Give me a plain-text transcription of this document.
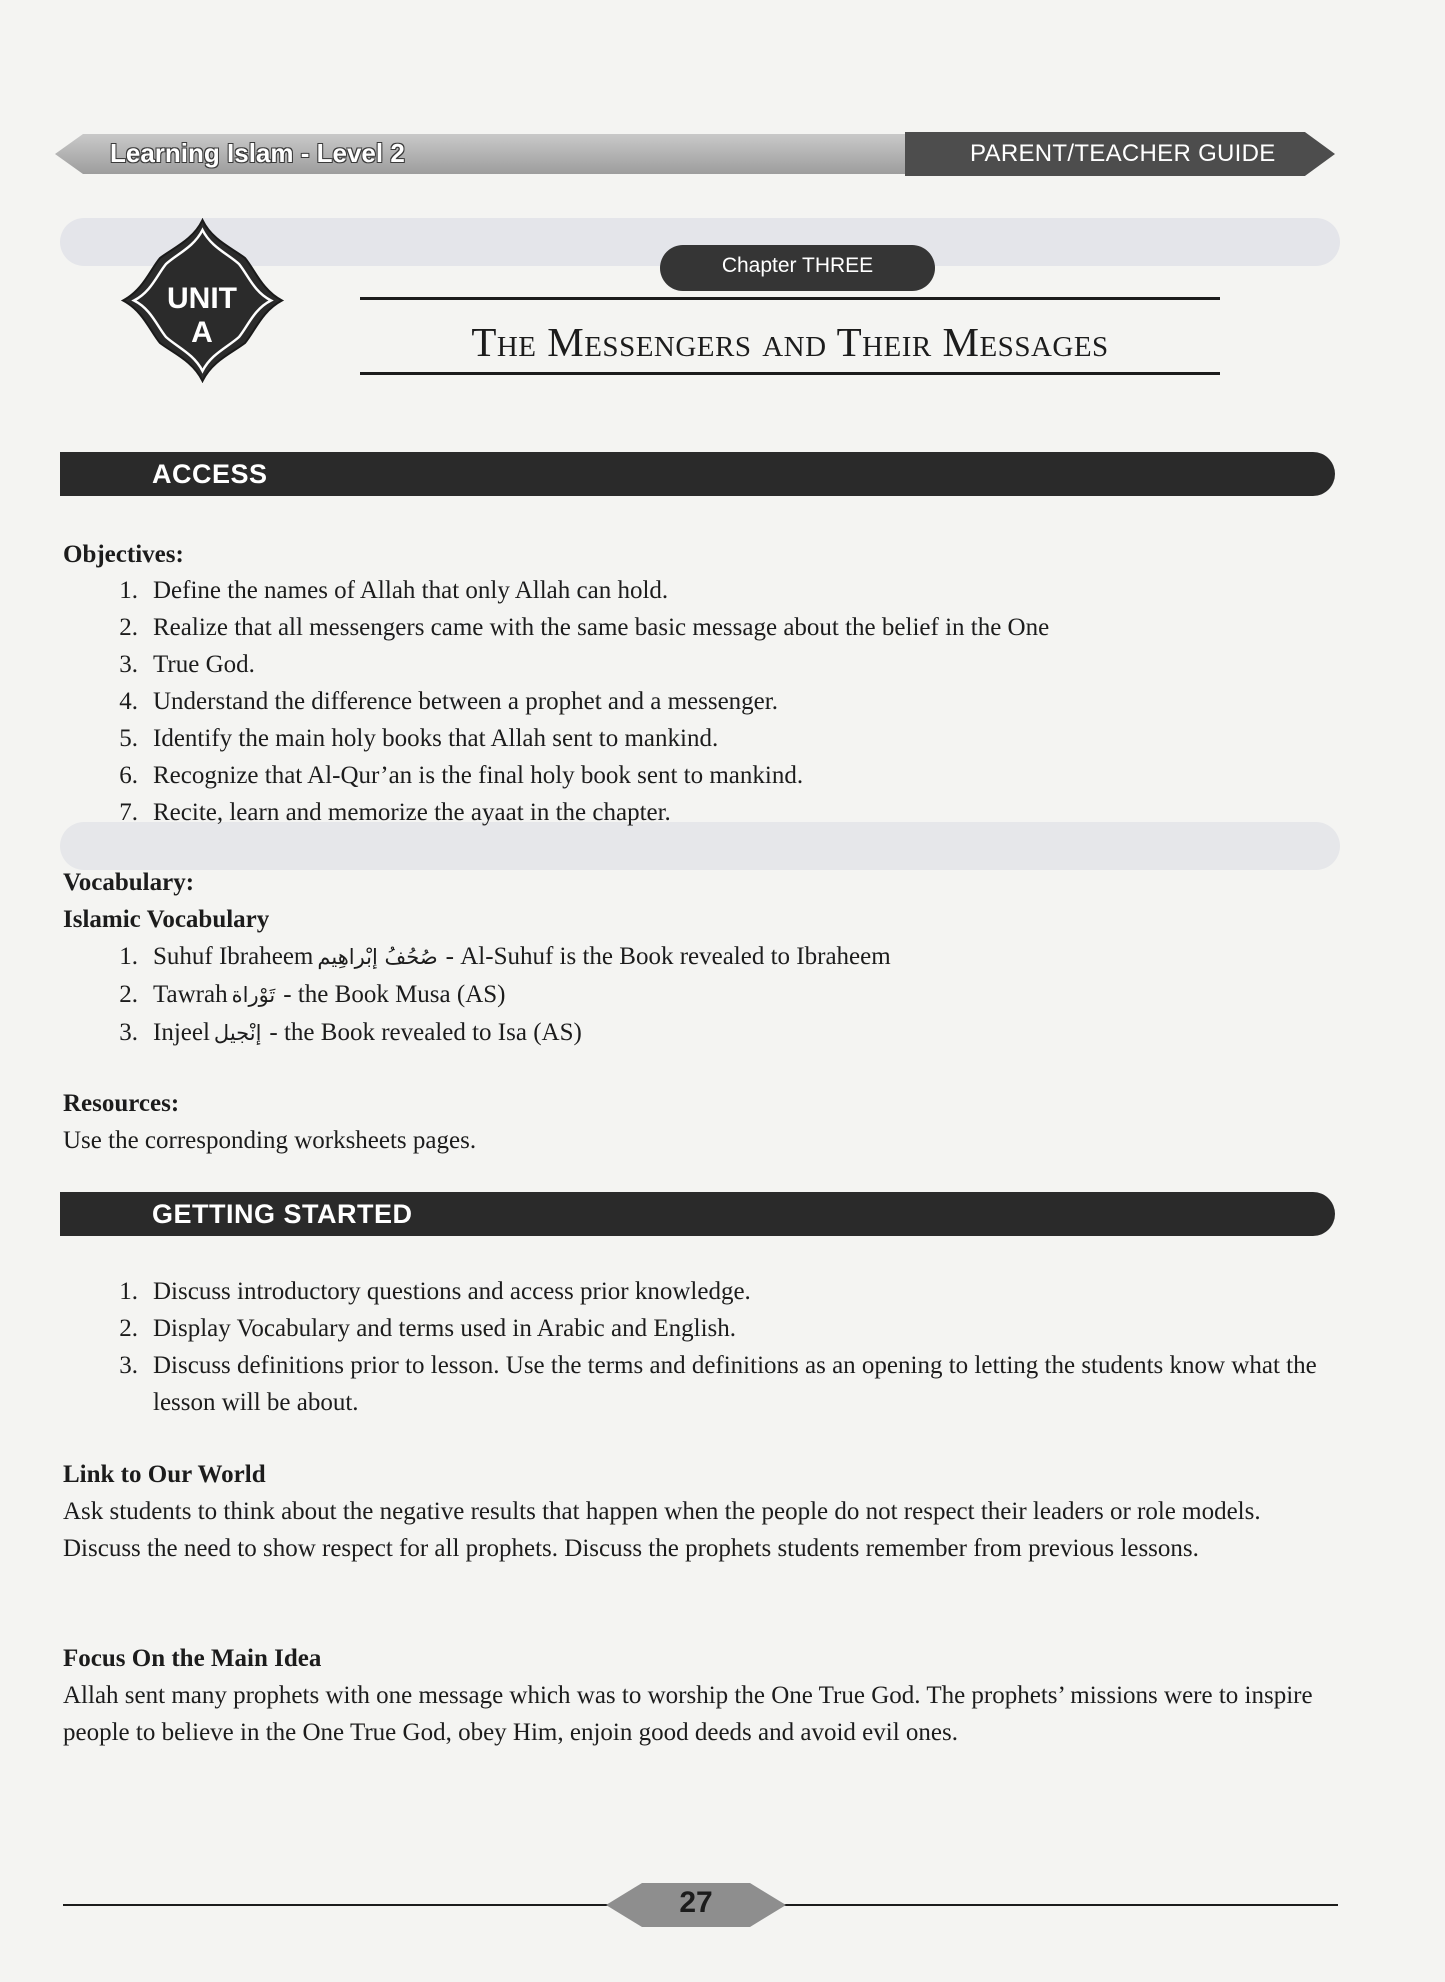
Learning Islam - Level 2	PARENT/TEACHER GUIDE
UNIT
A
Chapter THREE
The Messengers and Their Messages
ACCESS
Objectives:
1. Define the names of Allah that only Allah can hold.
2. Realize that all messengers came with the same basic message about the belief in the One
3. True God.
4. Understand the difference between a prophet and a messenger.
5. Identify the main holy books that Allah sent to mankind.
6. Recognize that Al-Qur’an is the final holy book sent to mankind.
7. Recite, learn and memorize the ayaat in the chapter.
Vocabulary:
Islamic Vocabulary
1. Suhuf Ibraheem صُحُفُ إبْراهِيم - Al-Suhuf is the Book revealed to Ibraheem
2. Tawrah تَوْراة - the Book Musa (AS)
3. Injeel إنْجيل - the Book revealed to Isa (AS)
Resources:
Use the corresponding worksheets pages.
GETTING STARTED

1. Discuss introductory questions and access prior knowledge.

2. Display Vocabulary and terms used in Arabic and English.

3. Discuss definitions prior to lesson. Use the terms and definitions as an opening to letting the students know what the lesson will be about.

Link to Our World

Ask students to think about the negative results that happen when the people do not respect their leaders or role models. Discuss the need to show respect for all prophets. Discuss the prophets students remember from previous lessons.

Focus On the Main Idea

Allah sent many prophets with one message which was to worship the One True God. The prophets’ missions were to inspire people to believe in the One True God, obey Him, enjoin good deeds and avoid evil ones.

27
